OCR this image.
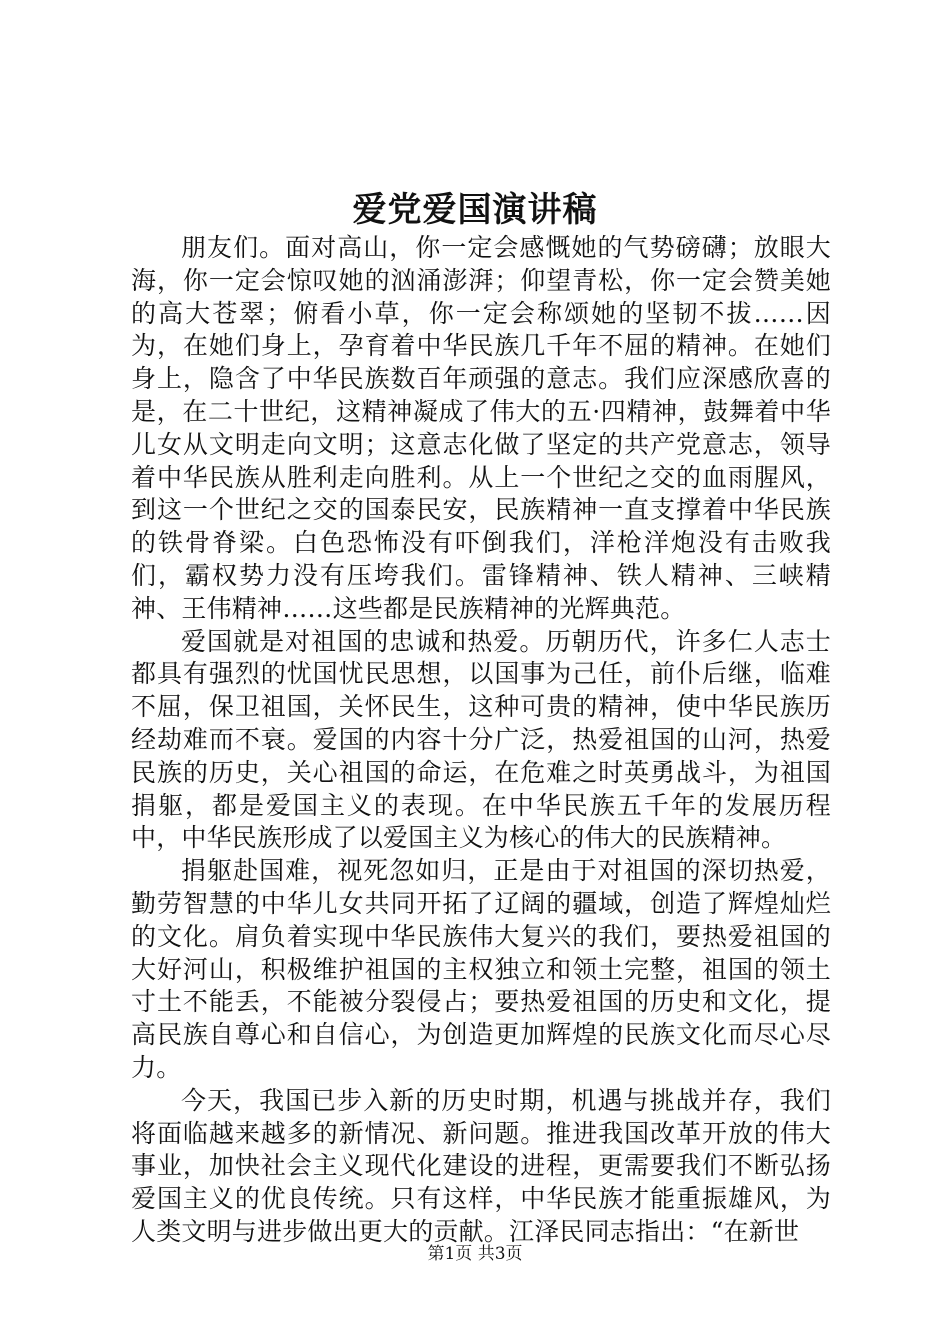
爱党爱国演讲稿

朋友们。面对高山，你一定会感慨她的气势磅礴；放眼大海，你一定会惊叹她的汹涌澎湃；仰望青松，你一定会赞美她的高大苍翠；俯看小草，你一定会称颂她的坚韧不拔……因为，在她们身上，孕育着中华民族几千年不屈的精神。在她们身上，隐含了中华民族数百年顽强的意志。我们应深感欣喜的是，在二十世纪，这精神凝成了伟大的五·四精神，鼓舞着中华儿女从文明走向文明；这意志化做了坚定的共产党意志，领导着中华民族从胜利走向胜利。从上一个世纪之交的血雨腥风，到这一个世纪之交的国泰民安，民族精神一直支撑着中华民族的铁骨脊梁。白色恐怖没有吓倒我们，洋枪洋炮没有击败我们，霸权势力没有压垮我们。雷锋精神、铁人精神、三峡精神、王伟精神……这些都是民族精神的光辉典范。

爱国就是对祖国的忠诚和热爱。历朝历代，许多仁人志士都具有强烈的忧国忧民思想，以国事为己任，前仆后继，临难不屈，保卫祖国，关怀民生，这种可贵的精神，使中华民族历经劫难而不衰。爱国的内容十分广泛，热爱祖国的山河，热爱民族的历史，关心祖国的命运，在危难之时英勇战斗，为祖国捐躯，都是爱国主义的表现。在中华民族五千年的发展历程中，中华民族形成了以爱国主义为核心的伟大的民族精神。

捐躯赴国难，视死忽如归，正是由于对祖国的深切热爱，勤劳智慧的中华儿女共同开拓了辽阔的疆域，创造了辉煌灿烂的文化。肩负着实现中华民族伟大复兴的我们，要热爱祖国的大好河山，积极维护祖国的主权独立和领土完整，祖国的领土寸土不能丢，不能被分裂侵占；要热爱祖国的历史和文化，提高民族自尊心和自信心，为创造更加辉煌的民族文化而尽心尽力。

今天，我国已步入新的历史时期，机遇与挑战并存，我们将面临越来越多的新情况、新问题。推进我国改革开放的伟大事业，加快社会主义现代化建设的进程，更需要我们不断弘扬爱国主义的优良传统。只有这样，中华民族才能重振雄风，为人类文明与进步做出更大的贡献。江泽民同志指出：“在新世

第1页 共3页
